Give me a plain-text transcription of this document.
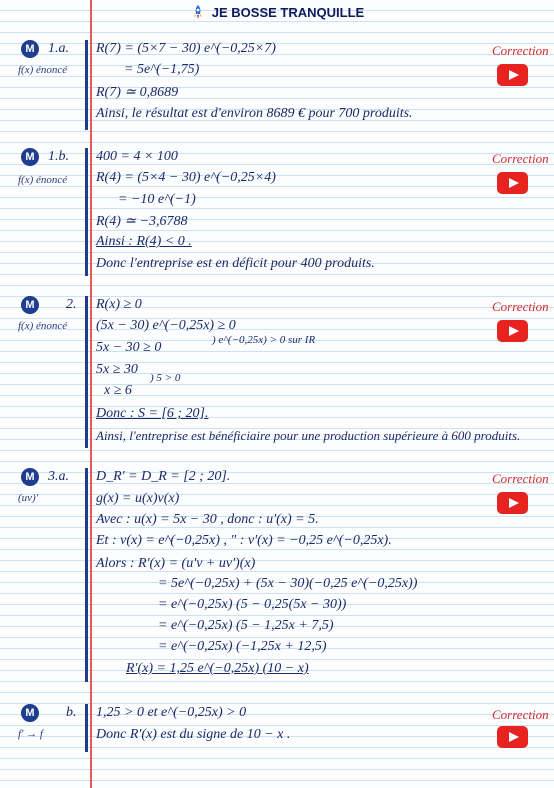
JE BOSSE TRANQUILLE
M 1.a.
f(x) énoncé
Correction
R(7) = (5×7 − 30) e^(−0,25×7)
= 5e^(−1,75)
R(7) ≃ 0,8689
Ainsi, le résultat est d'environ 8689 € pour 700 produits.
M 1.b.
f(x) énoncé
Correction
400 = 4 × 100
R(4) = (5×4 − 30) e^(−0,25×4)
= −10 e^(−1)
R(4) ≃ −3,6788
Ainsi : R(4) < 0 .
Donc l'entreprise est en déficit pour 400 produits.
M	2.
f(x) énoncé
Correction
R(x) ≥ 0
(5x − 30) e^(−0,25x) ≥ 0
) e^(−0,25x) > 0 sur IR
5x − 30 ≥ 0
5x ≥ 30
) 5 > 0
x ≥ 6
Donc : S = [6 ; 20].
Ainsi, l'entreprise est bénéficiaire pour une production supérieure à 600 produits.
M 3.a.
(uv)'
Correction
D_R' = D_R = [2 ; 20].
g(x) = u(x)v(x)
Avec : u(x) = 5x − 30 , donc : u'(x) = 5.
Et : v(x) = e^(−0,25x) , " : v'(x) = −0,25 e^(−0,25x).
Alors : R'(x) = (u'v + uv')(x)
= 5e^(−0,25x) + (5x − 30)(−0,25 e^(−0,25x))
= e^(−0,25x) (5 − 0,25(5x − 30))
= e^(−0,25x) (5 − 1,25x + 7,5)
= e^(−0,25x) (−1,25x + 12,5)
R'(x) = 1,25 e^(−0,25x) (10 − x)
M	b.
f' → f
Correction
1,25 > 0 et e^(−0,25x) > 0
Donc R'(x) est du signe de 10 − x .
